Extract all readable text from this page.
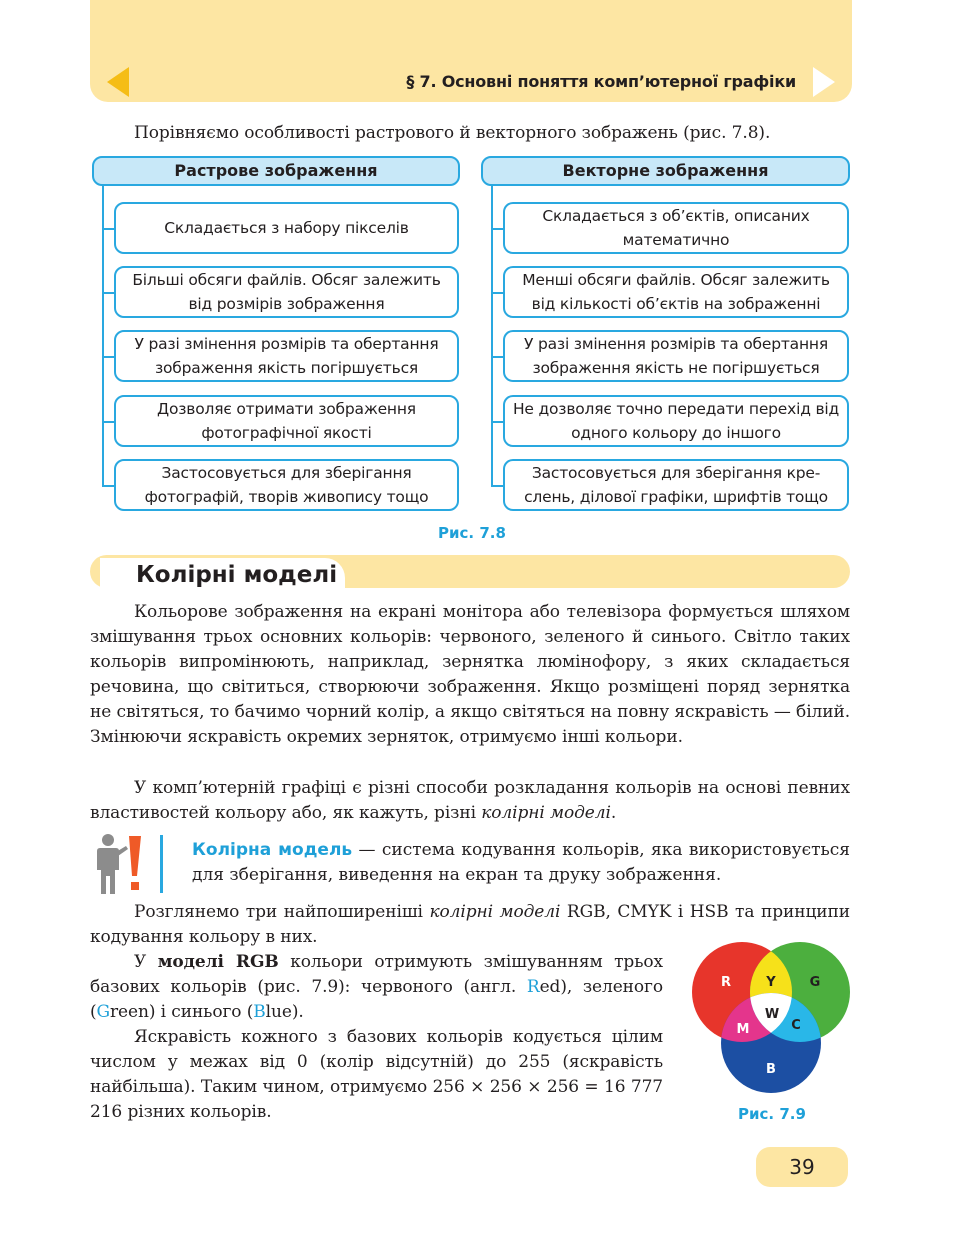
§ 7. Основні поняття комп’ютерної графіки
Порівняємо особливості растрового й векторного зображень (рис. 7.8).
Растрове зображення	Векторне зображення
Складається з набору пікселів
Більші обсяги файлів. Обсяг залежить від розмірів зображення
У разі змінення розмірів та обертання зображення якість погіршується
Дозволяє отримати зображення фотографічної якості
Застосовується для зберігання фотографій, творів живопису тощо
Складається з об’єктів, описаних математично
Менші обсяги файлів. Обсяг залежить від кількості об’єктів на зображенні
У разі змінення розмірів та обертання зображення якість не погіршується
Не дозволяє точно передати перехід від одного кольору до іншого
Застосовується для зберігання кре-слень, ділової графіки, шрифтів тощо
Рис. 7.8
Колірні моделі
Кольорове зображення на екрані монітора або телевізора формується шляхом змішування трьох основних кольорів: червоного, зеленого й синього. Світло таких кольорів випромінюють, наприклад, зернятка люмінофору, з яких складається речовина, що світиться, створюючи зображення. Якщо розміщені поряд зернятка не світяться, то бачимо чорний колір, а якщо світяться на повну яскравість — білий. Змінюючи яскравість окремих зерняток, отримуємо інші кольори.
У комп’ютерній графіці є різні способи розкладання кольорів на основі певних властивостей кольору або, як кажуть, різні колірні моделі.
Колірна модель — система кодування кольорів, яка використовується для зберігання, виведення на екран та друку зображення.
Розглянемо три найпоширеніші колірні моделі RGB, CMYK і HSB та принципи кодування кольору в них.
У моделі RGB кольори отримують змішуванням трьох базових кольорів (рис. 7.9): червоного (англ. Red), зеленого (Green) і синього (Blue).
Яскравість кожного з базових кольорів кодується цілим числом у межах від 0 (колір відсутній) до 255 (яскравість найбільша). Таким чином, отримуємо 256 × 256 × 256 = 16 777 216 різних кольорів.
R	G
B
Y
M	C
W
Рис. 7.9
39
